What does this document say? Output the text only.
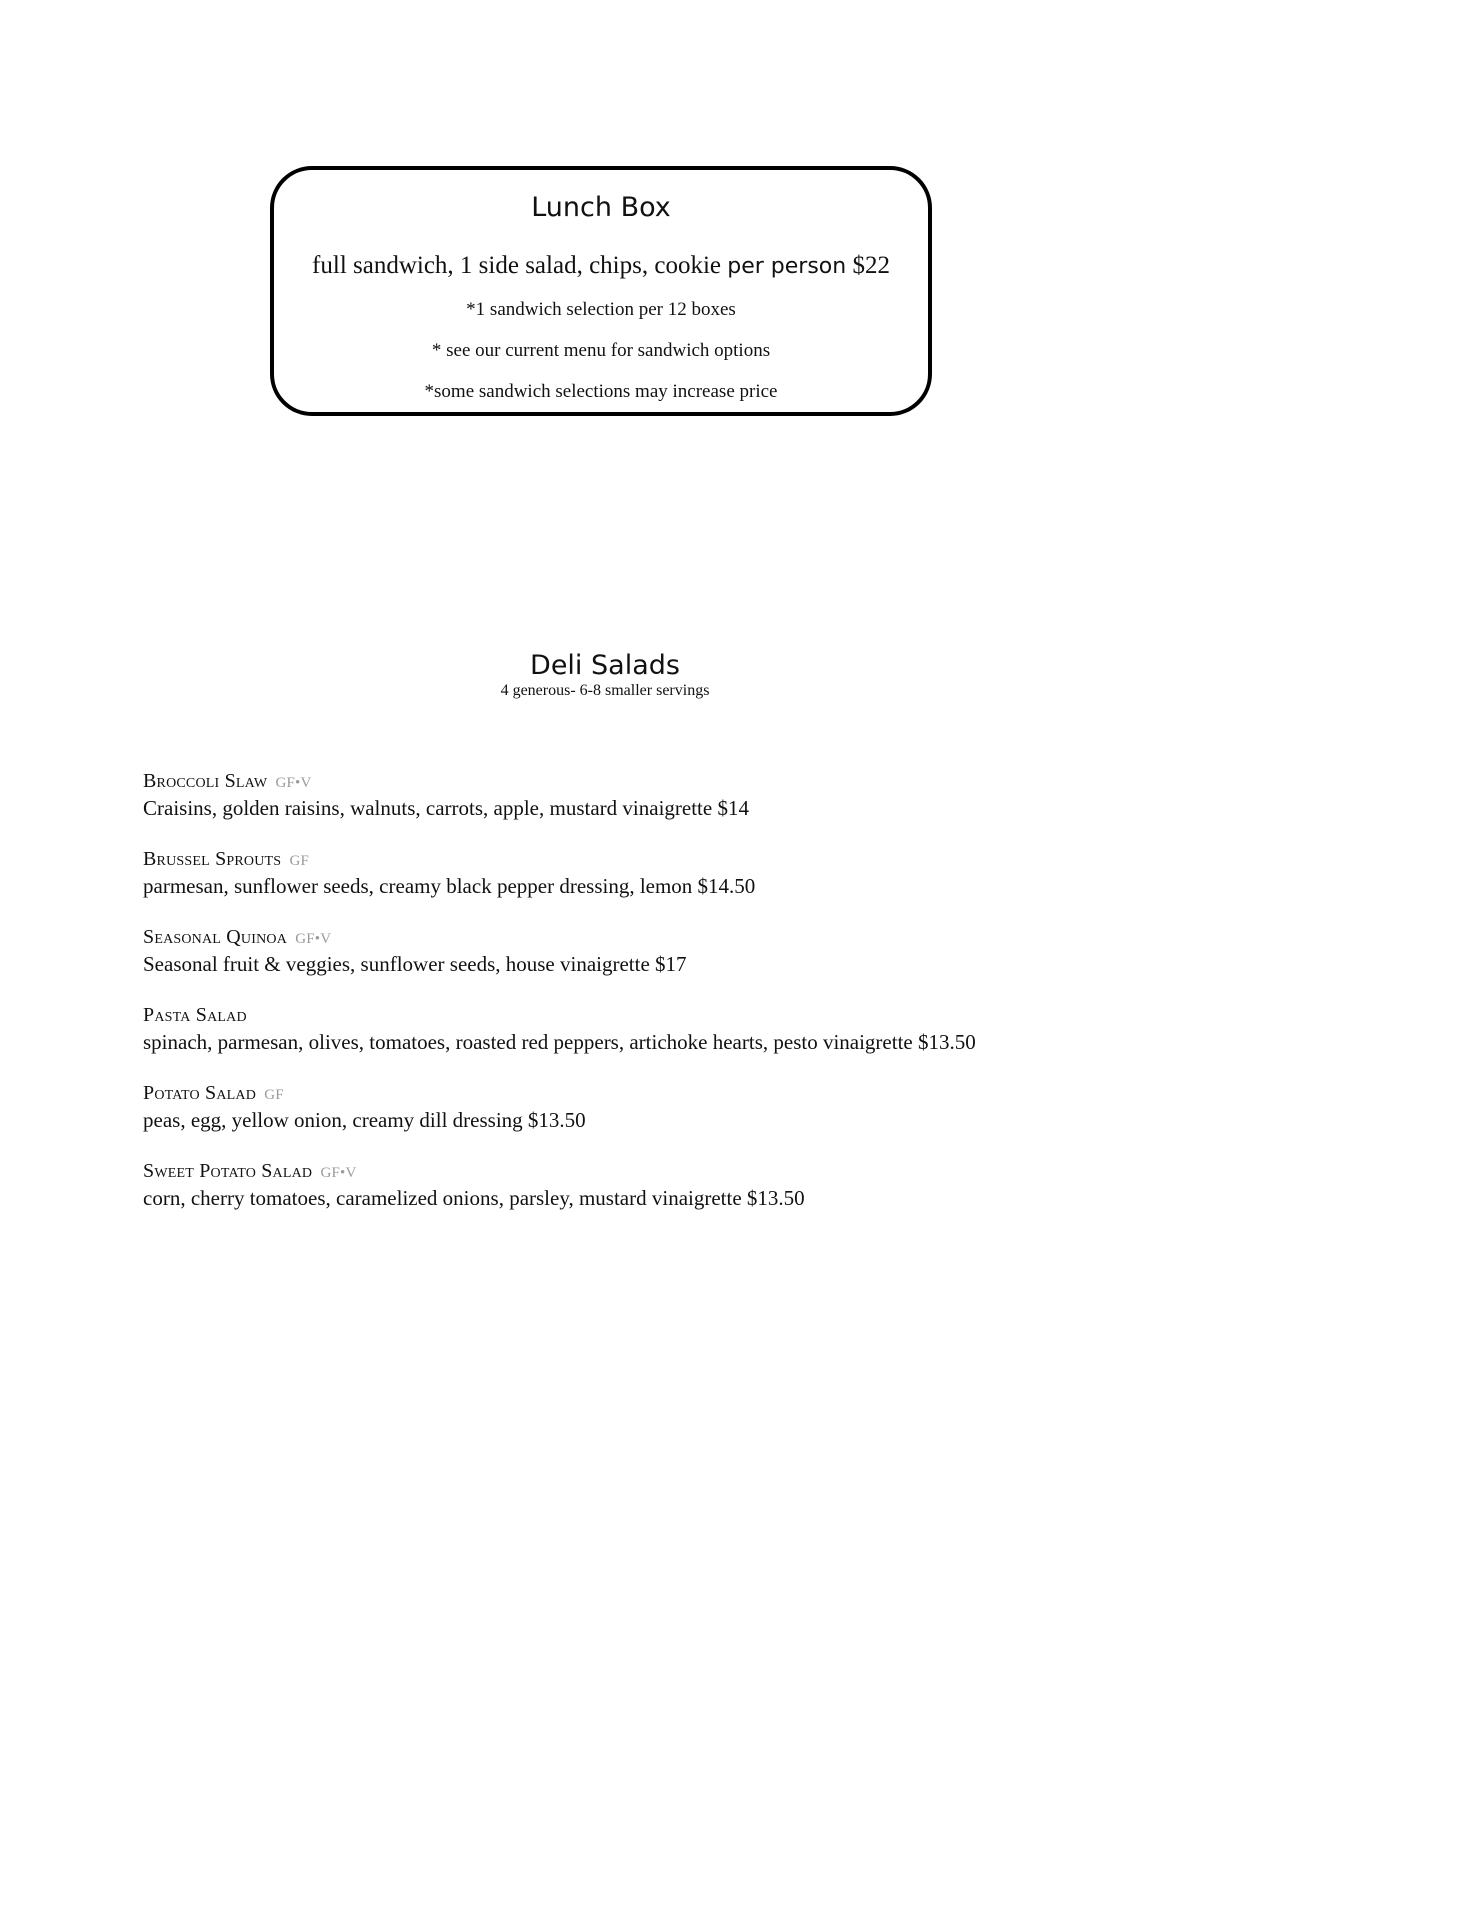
Lunch Box
full sandwich, 1 side salad, chips, cookie per person $22
*1 sandwich selection per 12 boxes
* see our current menu for sandwich options
*some sandwich selections may increase price
Deli Salads
4 generous- 6-8 smaller servings
Broccoli Slaw GF•V
Craisins, golden raisins, walnuts, carrots, apple, mustard vinaigrette $14
Brussel Sprouts GF
parmesan, sunflower seeds, creamy black pepper dressing, lemon $14.50
Seasonal Quinoa GF•V
Seasonal fruit & veggies, sunflower seeds, house vinaigrette $17
Pasta Salad
spinach, parmesan, olives, tomatoes, roasted red peppers, artichoke hearts, pesto vinaigrette $13.50
Potato Salad GF
peas, egg, yellow onion, creamy dill dressing $13.50
Sweet Potato Salad GF•V
corn, cherry tomatoes, caramelized onions, parsley, mustard vinaigrette $13.50
